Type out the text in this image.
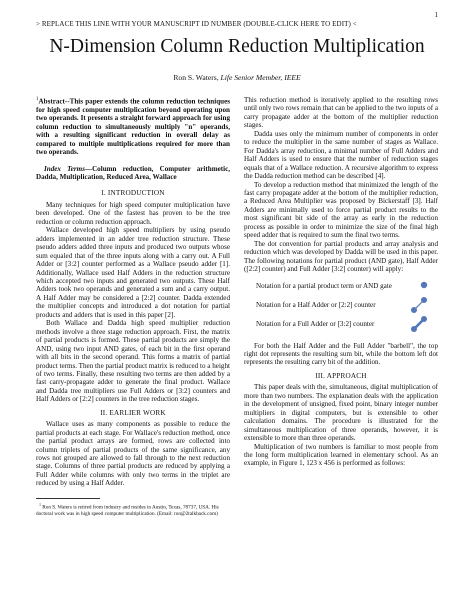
1
> REPLACE THIS LINE WITH YOUR MANUSCRIPT ID NUMBER (DOUBLE-CLICK HERE TO EDIT) <
N-Dimension Column Reduction Multiplication
Ron S. Waters, Life Senior Member, IEEE

$^1$Abstract--This paper extends the column reduction techniques for high speed computer multiplication beyond operating upon two operands. It presents a straight forward approach for using column reduction to simultaneously multiply "n" operands, with a resulting significant reduction in overall delay as compared to multiple multiplications required for more than two operands.

Index Terms—Column reduction, Computer arithmetic, Dadda, Multiplication, Reduced Area, Wallace

I. INTRODUCTION

Many techniques for high speed computer multiplication have been developed. One of the fastest has proven to be the tree reduction or column reduction approach.

Wallace developed high speed multipliers by using pseudo adders implemented in an adder tree reduction structure. These pseudo adders added three inputs and produced two outputs whose sum equaled that of the three inputs along with a carry out. A Full Adder or [3:2] counter performed as a Wallace pseudo adder [1]. Additionally, Wallace used Half Adders in the reduction structure which accepted two inputs and generated two outputs. These Half Adders took two operands and generated a sum and a carry output. A Half Adder may be considered a [2:2] counter. Dadda extended the multiplier concepts and introduced a dot notation for partial products and adders that is used in this paper [2].

Both Wallace and Dadda high speed multiplier reduction methods involve a three stage reduction approach. First, the matrix of partial products is formed. These partial products are simply the AND, using two input AND gates, of each bit in the first operand with all bits in the second operand. This forms a matrix of partial product terms. Then the partial product matrix is reduced to a height of two terms. Finally, these resulting two terms are then added by a fast carry-propagate adder to generate the final product. Wallace and Dadda tree multipliers use Full Adders or [3:2] counters and Half Adders or [2:2] counters in the tree reduction stages.

II. EARLIER WORK

Wallace uses as many components as possible to reduce the partial products at each stage. For Wallace's reduction method, once the partial product arrays are formed, rows are collected into column triplets of partial products of the same significance, any rows not grouped are allowed to fall through to the next reduction stage. Columns of three partial products are reduced by applying a Full Adder while columns with only two terms in the triplet are reduced by using a Half Adder.

$^1$ Ron S. Waters is retired from industry and resides in Austin, Texas, 78737, USA. His doctoral work was in high speed computer multiplication. (Email: ron@2talkback.com)

This reduction method is iteratively applied to the resulting rows until only two rows remain that can be applied to the two inputs of a carry propagate adder at the bottom of the multiplier reduction stages.

Dadda uses only the minimum number of components in order to reduce the multiplier in the same number of stages as Wallace. For Dadda's array reduction, a minimal number of Full Adders and Half Adders is used to ensure that the number of reduction stages equals that of a Wallace reduction. A recursive algorithm to express the Dadda reduction method can be described [4].

To develop a reduction method that minimized the length of the fast carry propagate adder at the bottom of the multiplier reduction, a Reduced Area Multiplier was proposed by Bickerstaff [3]. Half Adders are minimally used to force partial product results to the most significant bit side of the array as early in the reduction process as possible in order to minimize the size of the final high speed adder that is required to sum the final two terms.

The dot convention for partial products and array analysis and reduction which was developed by Dadda will be used in this paper. The following notations for partial product (AND gate), Half Adder ([2:2] counter) and Full Adder [3:2] counter) will apply:

Notation for a partial product term or AND gate
Notation for a Half Adder or [2:2] counter
Notation for a Full Adder or [3:2] counter

For both the Half Adder and the Full Adder "barbell", the top right dot represents the resulting sum bit, while the bottom left dot represents the resulting carry bit of the addition.

III. APPROACH

This paper deals with the, simultaneous, digital multiplication of more than two numbers. The explanation deals with the application in the development of unsigned, fixed point, binary integer number multipliers in digital computers, but is extensible to other calculation domains. The procedure is illustrated for the simultaneous multiplication of three operands, however, it is extensible to more than three operands.

Multiplication of two numbers is familiar to most people from the long form multiplication learned in elementary school. As an example, in Figure 1, 123 x 456 is performed as follows:
